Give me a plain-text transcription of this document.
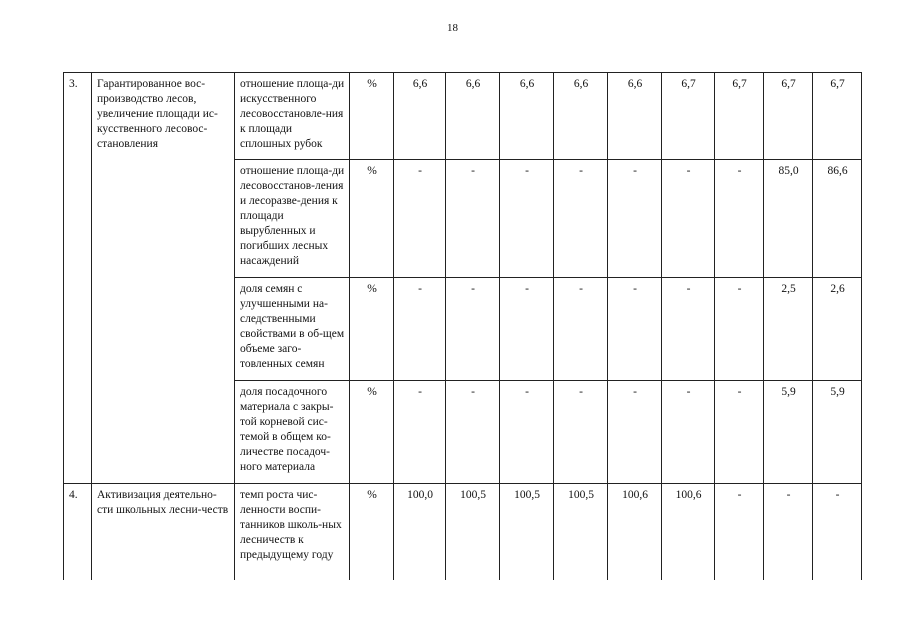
18
3.	Гарантированное вос-производство лесов, увеличение площади ис-кусственного лесовос-становления	отношение площа-ди искусственного лесовосстановле-ния к площади сплошных рубок	%	6,6	6,6	6,6	6,6	6,6	6,7	6,7	6,7	6,7
		отношение площа-ди лесовосстанов-ления и лесоразве-дения к площади вырубленных и погибших лесных насаждений	%	-	-	-	-	-	-	-	85,0	86,6
		доля семян с улучшенными на-следственными свойствами в об-щем объеме заго-товленных семян	%	-	-	-	-	-	-	-	2,5	2,6
		доля посадочного материала с закры-той корневой сис-темой в общем ко-личестве посадоч-ного материала	%	-	-	-	-	-	-	-	5,9	5,9
4.	Активизация деятельно-сти школьных лесни-честв	темп роста чис-ленности воспи-танников школь-ных лесничеств к предыдущему году	%	100,0	100,5	100,5	100,5	100,6	100,6	-	-	-
